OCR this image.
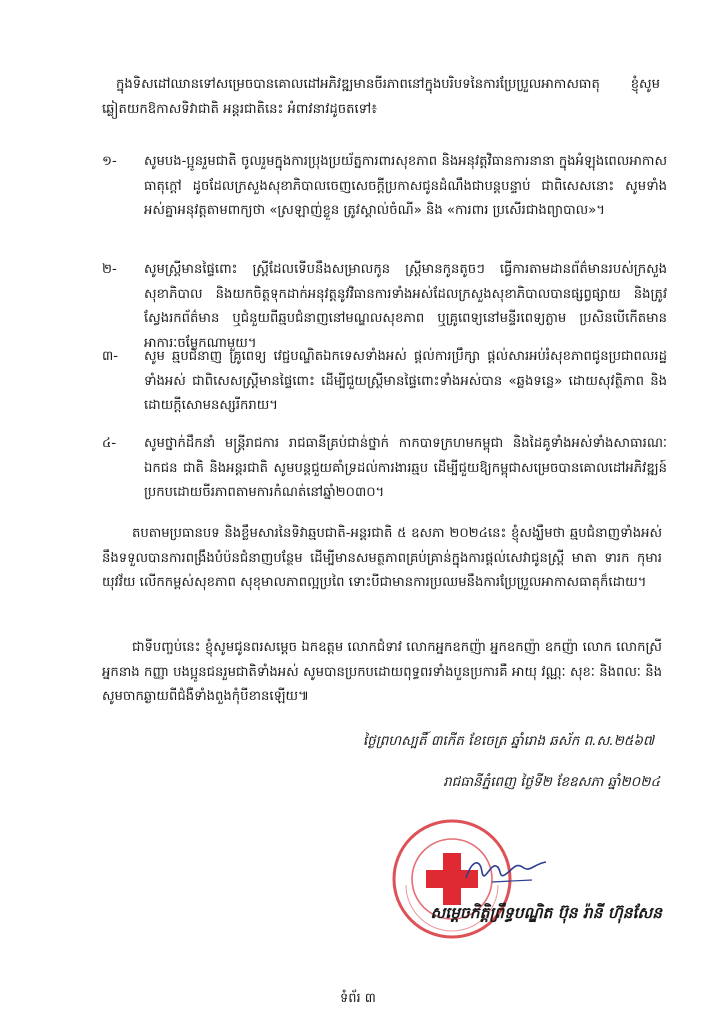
ក្នុងទិសដៅឈានទៅសម្រេចបានគោលដៅអភិវឌ្ឍមានចីរភាពនៅក្នុងបរិបទនៃការប្រែប្រួលអាកាសធាតុ ខ្ញុំសូមឆ្លៀតយកឱកាសទិវាជាតិ អន្តរជាតិនេះ អំពាវនាវដូចតទៅ៖
១-	សូមបង-ប្អូនរួមជាតិ ចូលរួមក្នុងការប្រុងប្រយ័ត្នការពារសុខភាព និងអនុវត្តវិធានការនានា ក្នុងអំឡុងពេលអាកាសធាតុក្តៅ ដូចដែលក្រសួងសុខាភិបាលចេញសេចក្តីប្រកាសជូនដំណឹងជាបន្តបន្ទាប់ ជាពិសេសនោះ សូមទាំងអស់គ្នាអនុវត្តតាមពាក្យថា «ស្រឡាញ់ខ្លួន ត្រូវស្គាល់ចំណី» និង «ការពារ ប្រសើរជាងព្យាបាល»។
២-	សូមស្ត្រីមានផ្ទៃពោះ ស្ត្រីដែលទើបនឹងសម្រាលកូន ស្ត្រីមានកូនតូចៗ ធ្វើការតាមដានព័ត៌មានរបស់ក្រសួងសុខាភិបាល និងយកចិត្តទុកដាក់អនុវត្តនូវវិធានការទាំងអស់ដែលក្រសួងសុខាភិបាលបានផ្សព្វផ្សាយ និងត្រូវស្វែងរកព័ត៌មាន ឬជំនួយពីឆ្មបជំនាញនៅមណ្ឌលសុខភាព ឬគ្រូពេទ្យនៅមន្ទីរពេទ្យភ្លាម ប្រសិនបើកើតមានអាការៈចម្លែកណាមួយ។
៣-	សូម ឆ្មបជំនាញ គ្រូពេទ្យ វេជ្ជបណ្ឌិតឯកទេសទាំងអស់ ផ្តល់ការប្រឹក្សា ផ្តល់សារអប់រំសុខភាពជូនប្រជាពលរដ្ឋទាំងអស់ ជាពិសេសស្ត្រីមានផ្ទៃពោះ ដើម្បីជួយស្ត្រីមានផ្ទៃពោះទាំងអស់បាន «ឆ្លងទន្លេ» ដោយសុវត្ថិភាព និងដោយក្តីសោមនស្សរីករាយ។
៤-	សូមថ្នាក់ដឹកនាំ មន្ត្រីរាជការ រាជធានីគ្រប់ជាន់ថ្នាក់ កាកបាទក្រហមកម្ពុជា និងដៃគូទាំងអស់ទាំងសាធារណៈ ឯកជន ជាតិ និងអន្តរជាតិ សូមបន្តជួយគាំទ្រដល់ការងារឆ្មប ដើម្បីជួយឱ្យកម្ពុជាសម្រេចបានគោលដៅអភិវឌ្ឍន៍ប្រកបដោយចីរភាពតាមការកំណត់នៅឆ្នាំ២០៣០។
តបតាមប្រធានបទ និងខ្លឹមសារនៃទិវាឆ្មបជាតិ-អន្តរជាតិ ៥ ឧសភា ២០២៤នេះ ខ្ញុំសង្ឃឹមថា ឆ្មបជំនាញទាំងអស់ នឹងទទួលបានការពង្រឹងបំប៉នជំនាញបន្ថែម ដើម្បីមានសមត្ថភាពគ្រប់គ្រាន់ក្នុងការផ្តល់សេវាជូនស្ត្រី មាតា ទារក កុមារ យុវវ័យ លើកកម្ពស់សុខភាព សុខុមាលភាពល្អប្រពៃ ទោះបីជាមានការប្រឈមនឹងការប្រែប្រួលអាកាសធាតុក៏ដោយ។
ជាទីបញ្ចប់នេះ ខ្ញុំសូមជូនពរសម្តេច ឯកឧត្តម លោកជំទាវ លោកអ្នកឧកញ៉ា អ្នកឧកញ៉ា ឧកញ៉ា លោក លោកស្រី អ្នកនាង កញ្ញា បងប្អូនជនរួមជាតិទាំងអស់ សូមបានប្រកបដោយពុទ្ធពរទាំងបួនប្រការគឺ អាយុ វណ្ណៈ សុខៈ និងពលៈ និងសូមចាកឆ្ងាយពីជំងឺទាំងពួងកុំបីខានឡើយ៕
ថ្ងៃព្រហស្បតិ៍ ៣កើត ខែចេត្រ ឆ្នាំរោង ឆស័ក ព.ស.២៥៦៧
រាជធានីភ្នំពេញ ថ្ងៃទី២ ខែឧសភា ឆ្នាំ២០២៤
សម្តេចកិត្តិព្រឹទ្ធបណ្ឌិត ប៊ុន រ៉ានី ហ៊ុនសែន
ទំព័រ ៣
